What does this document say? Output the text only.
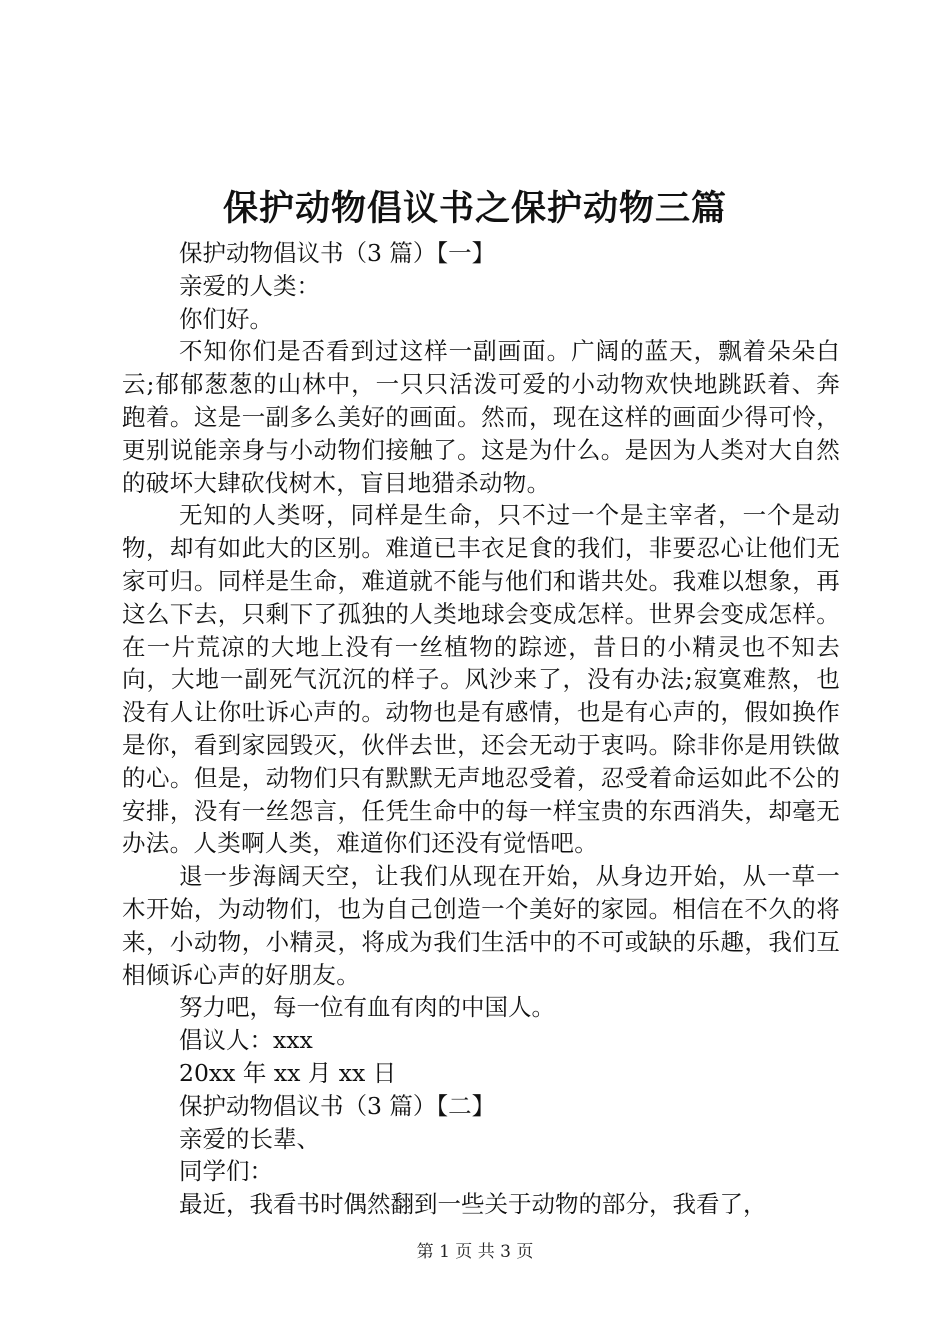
保护动物倡议书之保护动物三篇
保护动物倡议书（3 篇）【一】
亲爱的人类：
你们好。
不知你们是否看到过这样一副画面。广阔的蓝天，飘着朵朵白云;郁郁葱葱的山林中，一只只活泼可爱的小动物欢快地跳跃着、奔跑着。这是一副多么美好的画面。然而，现在这样的画面少得可怜，更别说能亲身与小动物们接触了。这是为什么。是因为人类对大自然的破坏大肆砍伐树木，盲目地猎杀动物。
无知的人类呀，同样是生命，只不过一个是主宰者，一个是动物，却有如此大的区别。难道已丰衣足食的我们，非要忍心让他们无家可归。同样是生命，难道就不能与他们和谐共处。我难以想象，再这么下去，只剩下了孤独的人类地球会变成怎样。世界会变成怎样。在一片荒凉的大地上没有一丝植物的踪迹，昔日的小精灵也不知去向，大地一副死气沉沉的样子。风沙来了，没有办法;寂寞难熬，也没有人让你吐诉心声的。动物也是有感情，也是有心声的，假如换作是你，看到家园毁灭，伙伴去世，还会无动于衷吗。除非你是用铁做的心。但是，动物们只有默默无声地忍受着，忍受着命运如此不公的安排，没有一丝怨言，任凭生命中的每一样宝贵的东西消失，却毫无办法。人类啊人类，难道你们还没有觉悟吧。
退一步海阔天空，让我们从现在开始，从身边开始，从一草一木开始，为动物们，也为自己创造一个美好的家园。相信在不久的将来，小动物，小精灵，将成为我们生活中的不可或缺的乐趣，我们互相倾诉心声的好朋友。
努力吧，每一位有血有肉的中国人。
倡议人：xxx
20xx 年 xx 月 xx 日
保护动物倡议书（3 篇）【二】
亲爱的长辈、
同学们：
最近，我看书时偶然翻到一些关于动物的部分，我看了，
第 1 页 共 3 页
